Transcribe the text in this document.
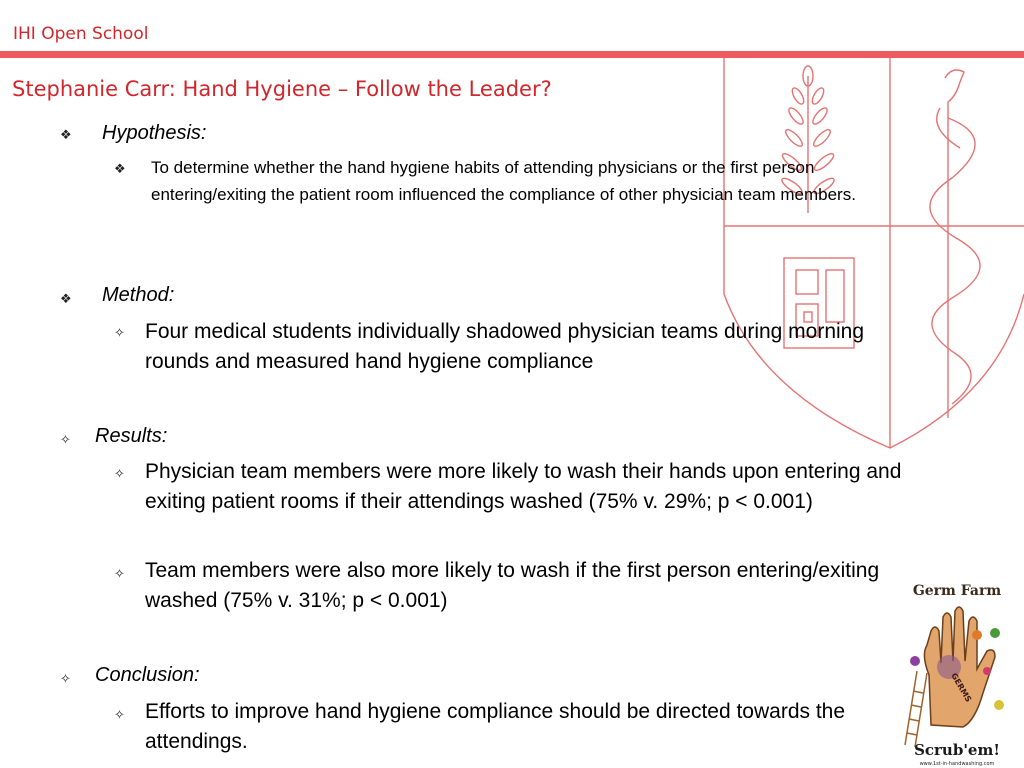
IHI Open School
Stephanie Carr: Hand Hygiene – Follow the Leader?
❖ Hypothesis:
❖ To determine whether the hand hygiene habits of attending physicians or the first person entering/exiting the patient room influenced the compliance of other physician team members.
❖ Method:
✧ Four medical students individually shadowed physician teams during morning rounds and measured hand hygiene compliance
✧ Results:
✧ Physician team members were more likely to wash their hands upon entering and exiting patient rooms if their attendings washed (75% v. 29%; p < 0.001)
✧ Team members were also more likely to wash if the first person entering/exiting washed (75% v. 31%; p < 0.001)
✧ Conclusion:
✧ Efforts to improve hand hygiene compliance should be directed towards the attendings.
Germ Farm
GERMS
Scrub'em!
www.1st-in-handwashing.com
